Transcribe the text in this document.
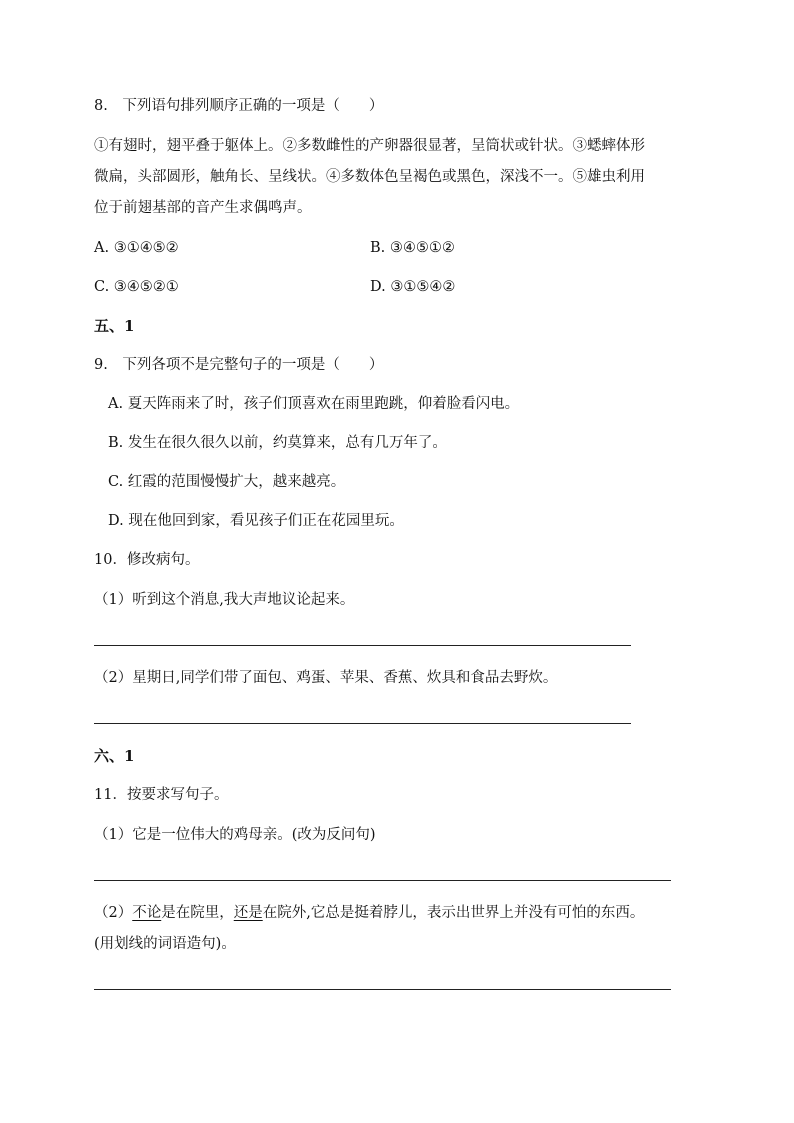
8.　下列语句排列顺序正确的一项是（　　）
①有翅时，翅平叠于躯体上。②多数雌性的产卵器很显著，呈筒状或针状。③蟋蟀体形
微扁，头部圆形，触角长、呈线状。④多数体色呈褐色或黑色，深浅不一。⑤雄虫利用
位于前翅基部的音产生求偶鸣声。
A. ③①④⑤②	B. ③④⑤①②
C. ③④⑤②①	D. ③①⑤④②
五、1
9.　下列各项不是完整句子的一项是（　　）
A. 夏天阵雨来了时，孩子们顶喜欢在雨里跑跳，仰着脸看闪电。
B. 发生在很久很久以前，约莫算来，总有几万年了。
C. 红霞的范围慢慢扩大，越来越亮。
D. 现在他回到家，看见孩子们正在花园里玩。
10．修改病句。
（1）听到这个消息,我大声地议论起来。
（2）星期日,同学们带了面包、鸡蛋、苹果、香蕉、炊具和食品去野炊。
六、1
11．按要求写句子。
（1）它是一位伟大的鸡母亲。(改为反问句)
（2）不论是在院里，还是在院外,它总是挺着脖儿，表示出世界上并没有可怕的东西。
(用划线的词语造句)。
